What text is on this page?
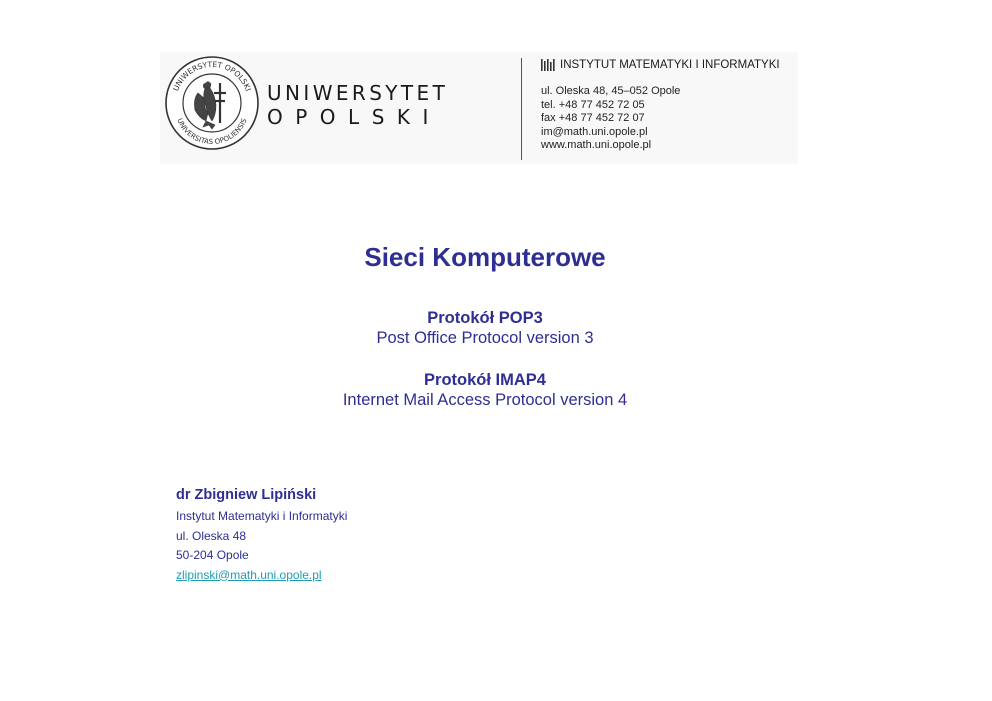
UNIWERSYTET OPOLSKI
UNIVERSITAS OPOLIENSIS
UNIWERSYTET
OPOLSKI
INSTYTUT MATEMATYKI I INFORMATYKI
ul. Oleska 48, 45–052 Opole
tel. +48 77 452 72 05
fax +48 77 452 72 07
im@math.uni.opole.pl
www.math.uni.opole.pl
Sieci Komputerowe
Protokół POP3
Post Office Protocol version 3
Protokół IMAP4
Internet Mail Access Protocol version 4
dr Zbigniew Lipiński
Instytut Matematyki i Informatyki
ul. Oleska 48
50-204 Opole
zlipinski@math.uni.opole.pl
